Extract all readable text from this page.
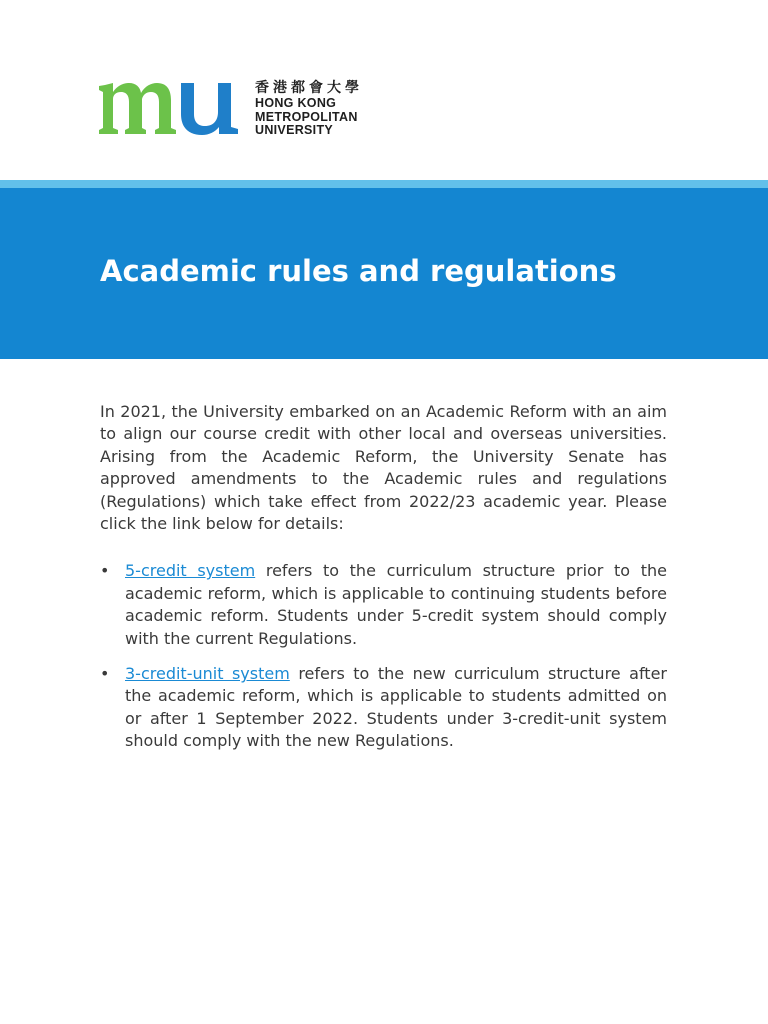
香港都會大學
HONG KONG
METROPOLITAN
UNIVERSITY
Academic rules and regulations

In 2021, the University embarked on an Academic Reform with an aim to align our course credit with other local and overseas universities. Arising from the Academic Reform, the University Senate has approved amendments to the Academic rules and regulations (Regulations) which take effect from 2022/23 academic year. Please click the link below for details:

• 5-credit system refers to the curriculum structure prior to the academic reform, which is applicable to continuing students before academic reform. Students under 5-credit system should comply with the current Regulations.
• 3-credit-unit system refers to the new curriculum structure after the academic reform, which is applicable to students admitted on or after 1 September 2022. Students under 3-credit-unit system should comply with the new Regulations.
